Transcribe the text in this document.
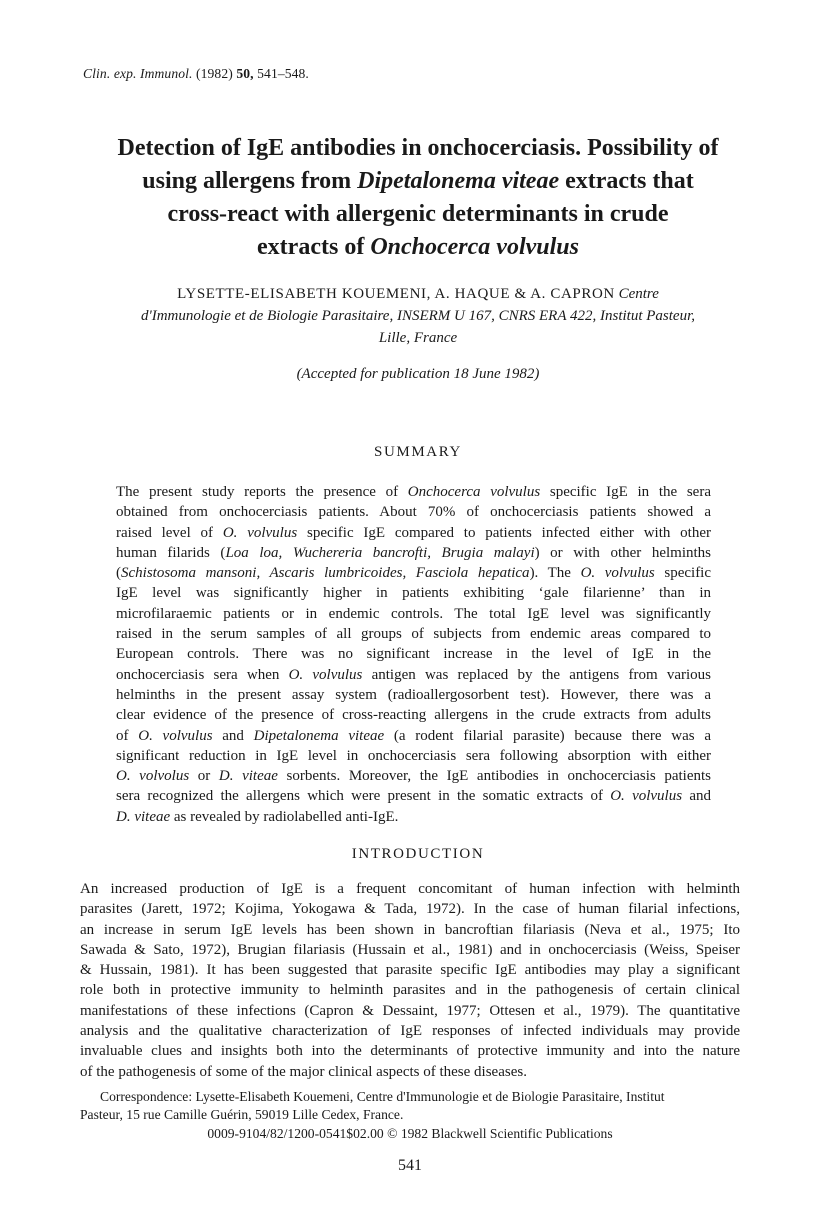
Clin. exp. Immunol. (1982) 50, 541–548.
Detection of IgE antibodies in onchocerciasis. Possibility of
using allergens from Dipetalonema viteae extracts that
cross-react with allergenic determinants in crude
extracts of Onchocerca volvulus
LYSETTE-ELISABETH KOUEMENI, A. HAQUE & A. CAPRON Centre
d'Immunologie et de Biologie Parasitaire, INSERM U 167, CNRS ERA 422, Institut Pasteur,
Lille, France
(Accepted for publication 18 June 1982)
SUMMARY
The present study reports the presence of Onchocerca volvulus specific IgE in the sera
obtained from onchocerciasis patients. About 70% of onchocerciasis patients showed a
raised level of O. volvulus specific IgE compared to patients infected either with other
human filarids (Loa loa, Wuchereria bancrofti, Brugia malayi) or with other helminths
(Schistosoma mansoni, Ascaris lumbricoides, Fasciola hepatica). The O. volvulus specific
IgE level was significantly higher in patients exhibiting ‘gale filarienne’ than in
microfilaraemic patients or in endemic controls. The total IgE level was significantly
raised in the serum samples of all groups of subjects from endemic areas compared to
European controls. There was no significant increase in the level of IgE in the
onchocerciasis sera when O. volvulus antigen was replaced by the antigens from various
helminths in the present assay system (radioallergosorbent test). However, there was a
clear evidence of the presence of cross-reacting allergens in the crude extracts from adults
of O. volvulus and Dipetalonema viteae (a rodent filarial parasite) because there was a
significant reduction in IgE level in onchocerciasis sera following absorption with either
O. volvolus or D. viteae sorbents. Moreover, the IgE antibodies in onchocerciasis patients
sera recognized the allergens which were present in the somatic extracts of O. volvulus and
D. viteae as revealed by radiolabelled anti-IgE.
INTRODUCTION
An increased production of IgE is a frequent concomitant of human infection with helminth
parasites (Jarett, 1972; Kojima, Yokogawa & Tada, 1972). In the case of human filarial infections,
an increase in serum IgE levels has been shown in bancroftian filariasis (Neva et al., 1975; Ito
Sawada & Sato, 1972), Brugian filariasis (Hussain et al., 1981) and in onchocerciasis (Weiss, Speiser
& Hussain, 1981). It has been suggested that parasite specific IgE antibodies may play a significant
role both in protective immunity to helminth parasites and in the pathogenesis of certain clinical
manifestations of these infections (Capron & Dessaint, 1977; Ottesen et al., 1979). The quantitative
analysis and the qualitative characterization of IgE responses of infected individuals may provide
invaluable clues and insights both into the determinants of protective immunity and into the nature
of the pathogenesis of some of the major clinical aspects of these diseases.
Correspondence: Lysette-Elisabeth Kouemeni, Centre d'Immunologie et de Biologie Parasitaire, Institut
Pasteur, 15 rue Camille Guérin, 59019 Lille Cedex, France.
0009-9104/82/1200-0541$02.00 © 1982 Blackwell Scientific Publications
541
